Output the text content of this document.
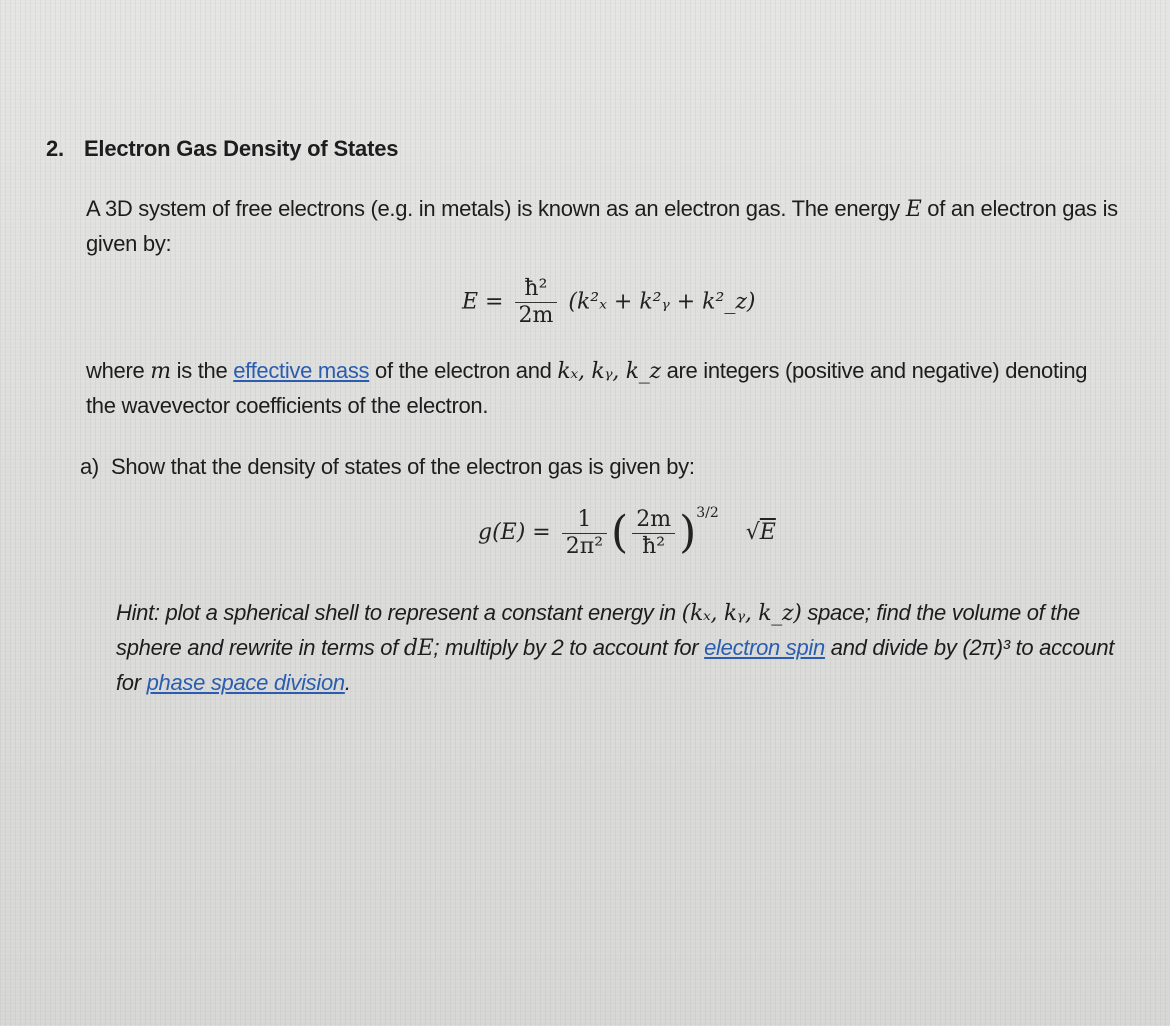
2. Electron Gas Density of States
A 3D system of free electrons (e.g. in metals) is known as an electron gas. The energy E of an electron gas is given by:
$E = \frac{\text{ħ²}}{2m} (k^2_x$ + k²ᵧ + k²_z)
where m is the effective mass of the electron and kₓ, kᵧ, k_z are integers (positive and negative) denoting the wavevector coefficients of the electron.
a) Show that the density of states of the electron gas is given by:
$g(E) = \frac{1}{\text{2π²}}$ ( $\frac{2m}{\text{ħ²}} )^{3/2}$ √E
Hint: plot a spherical shell to represent a constant energy in (kₓ, kᵧ, k_z) space; find the volume of the sphere and rewrite in terms of dE; multiply by 2 to account for electron spin and divide by (2π)³ to account for phase space division.
